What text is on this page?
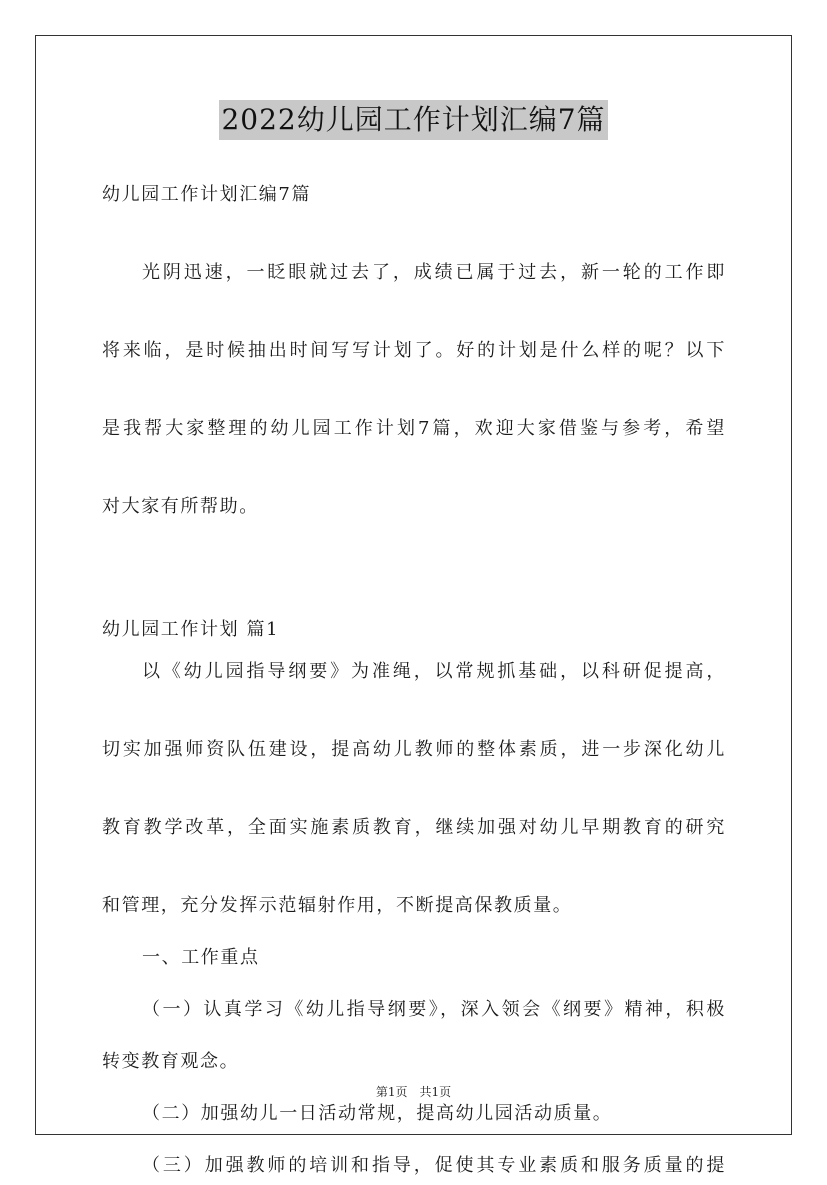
2022幼儿园工作计划汇编7篇
幼儿园工作计划汇编7篇
光阴迅速，一眨眼就过去了，成绩已属于过去，新一轮的工作即
将来临，是时候抽出时间写写计划了。好的计划是什么样的呢？以下
是我帮大家整理的幼儿园工作计划7篇，欢迎大家借鉴与参考，希望
对大家有所帮助。
幼儿园工作计划 篇1
以《幼儿园指导纲要》为准绳，以常规抓基础，以科研促提高，
切实加强师资队伍建设，提高幼儿教师的整体素质，进一步深化幼儿
教育教学改革，全面实施素质教育，继续加强对幼儿早期教育的研究
和管理，充分发挥示范辐射作用，不断提高保教质量。
一、工作重点
（一）认真学习《幼儿指导纲要》，深入领会《纲要》精神，积极
转变教育观念。
（二）加强幼儿一日活动常规，提高幼儿园活动质量。
（三）加强教师的培训和指导，促使其专业素质和服务质量的提
第1页　共1页
